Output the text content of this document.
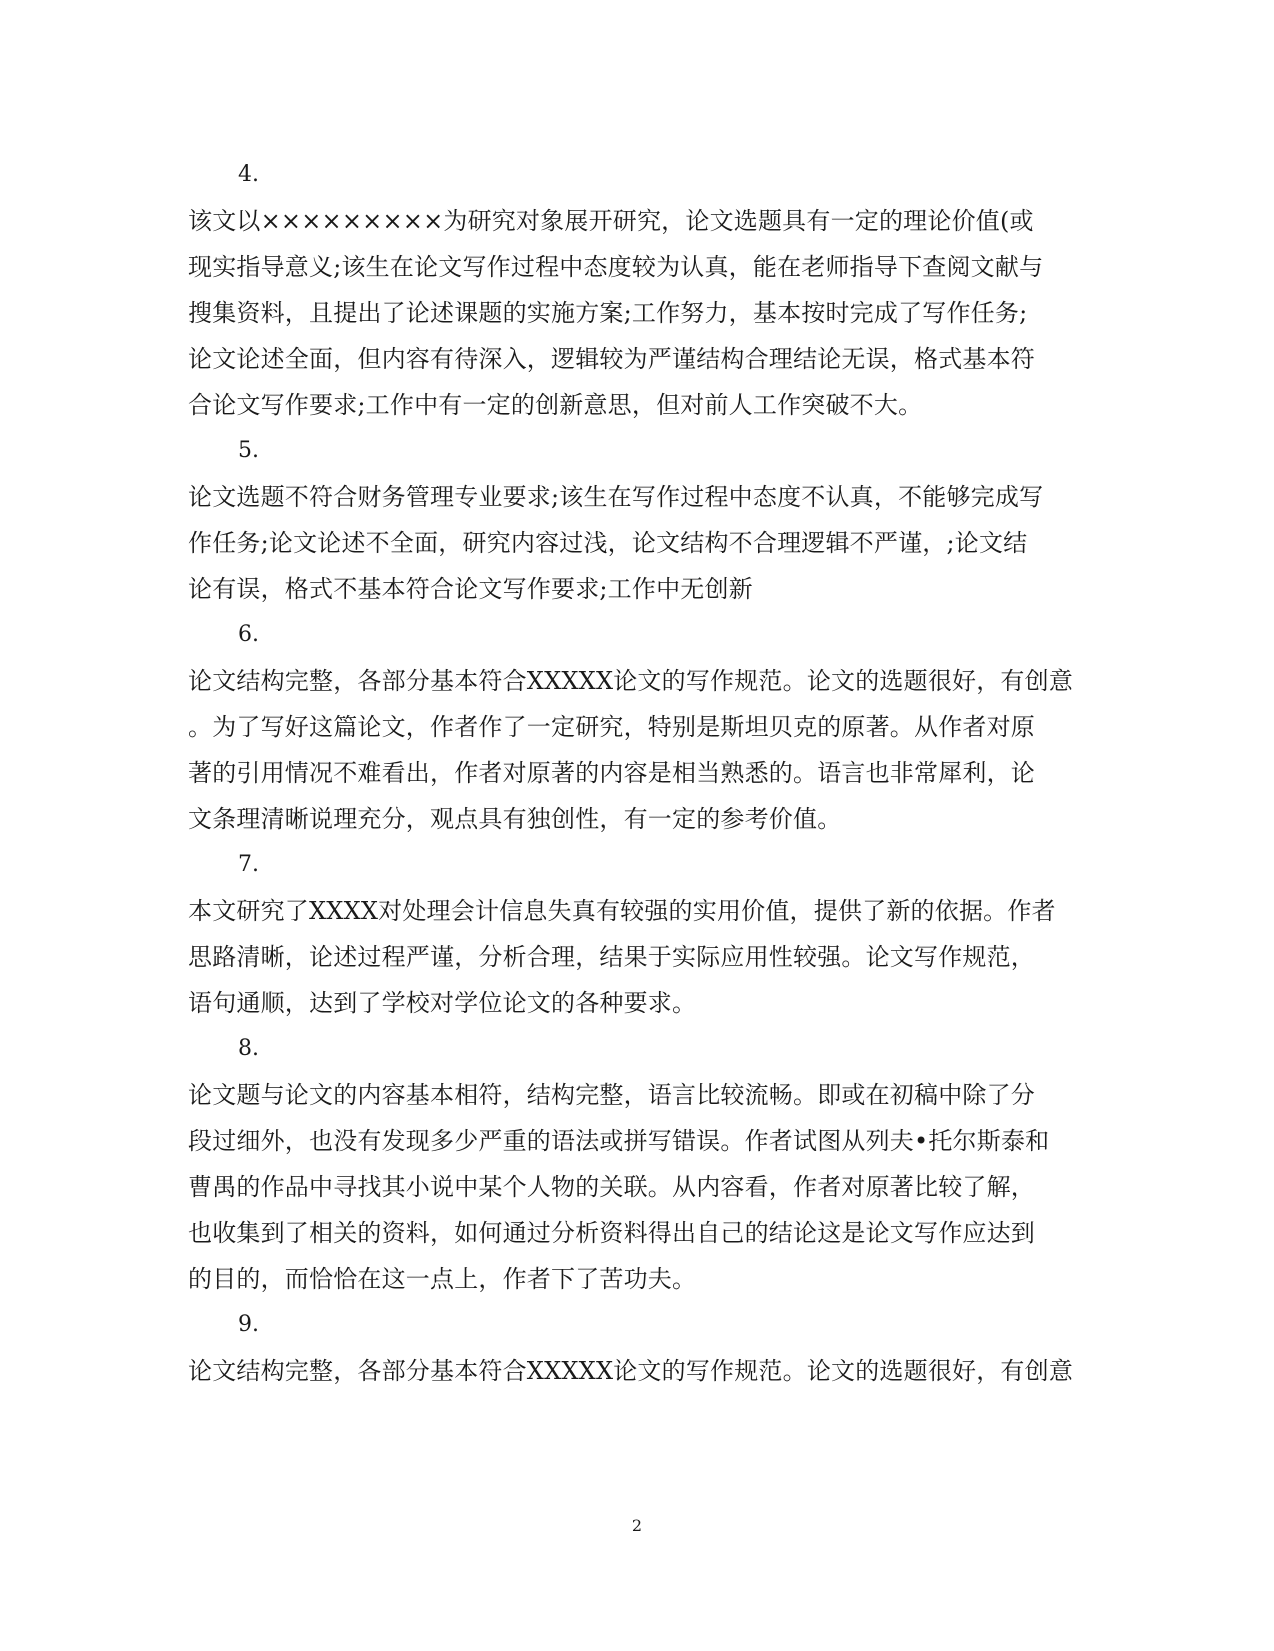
4.
该文以×××××××××为研究对象展开研究，论文选题具有一定的理论价值(或
现实指导意义;该生在论文写作过程中态度较为认真，能在老师指导下查阅文献与
搜集资料，且提出了论述课题的实施方案;工作努力，基本按时完成了写作任务;
论文论述全面，但内容有待深入，逻辑较为严谨结构合理结论无误，格式基本符
合论文写作要求;工作中有一定的创新意思，但对前人工作突破不大。
5.
论文选题不符合财务管理专业要求;该生在写作过程中态度不认真，不能够完成写
作任务;论文论述不全面，研究内容过浅，论文结构不合理逻辑不严谨，;论文结
论有误，格式不基本符合论文写作要求;工作中无创新
6.
论文结构完整，各部分基本符合XXXXX论文的写作规范。论文的选题很好，有创意
。为了写好这篇论文，作者作了一定研究，特别是斯坦贝克的原著。从作者对原
著的引用情况不难看出，作者对原著的内容是相当熟悉的。语言也非常犀利，论
文条理清晰说理充分，观点具有独创性，有一定的参考价值。
7.
本文研究了XXXX对处理会计信息失真有较强的实用价值，提供了新的依据。作者
思路清晰，论述过程严谨，分析合理，结果于实际应用性较强。论文写作规范，
语句通顺，达到了学校对学位论文的各种要求。
8.
论文题与论文的内容基本相符，结构完整，语言比较流畅。即或在初稿中除了分
段过细外，也没有发现多少严重的语法或拼写错误。作者试图从列夫•托尔斯泰和
曹禺的作品中寻找其小说中某个人物的关联。从内容看，作者对原著比较了解，
也收集到了相关的资料，如何通过分析资料得出自己的结论这是论文写作应达到
的目的，而恰恰在这一点上，作者下了苦功夫。
9.
论文结构完整，各部分基本符合XXXXX论文的写作规范。论文的选题很好，有创意
2
